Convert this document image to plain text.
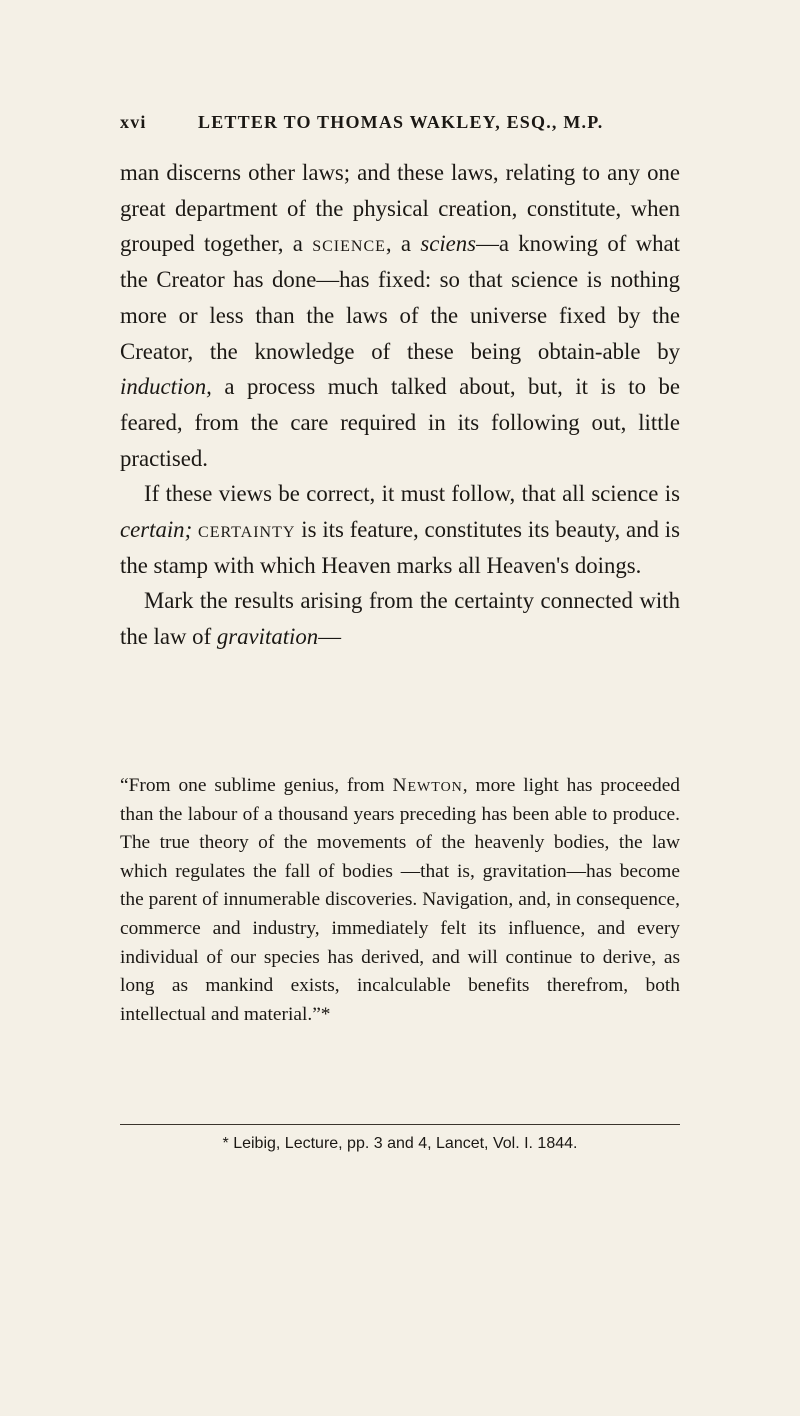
xvi	LETTER TO THOMAS WAKLEY, ESQ., M.P.

man discerns other laws; and these laws, relating to any one great department of the physical creation, constitute, when grouped together, a science, a sciens—a knowing of what the Creator has done—has fixed: so that science is nothing more or less than the laws of the universe fixed by the Creator, the knowledge of these being obtain-able by induction, a process much talked about, but, it is to be feared, from the care required in its following out, little practised.

If these views be correct, it must follow, that all science is certain; certainty is its feature, constitutes its beauty, and is the stamp with which Heaven marks all Heaven's doings.

Mark the results arising from the certainty connected with the law of gravitation—

“From one sublime genius, from Newton, more light has proceeded than the labour of a thousand years preceding has been able to produce. The true theory of the movements of the heavenly bodies, the law which regulates the fall of bodies —that is, gravitation—has become the parent of innumerable discoveries. Navigation, and, in consequence, commerce and industry, immediately felt its influence, and every individual of our species has derived, and will continue to derive, as long as mankind exists, incalculable benefits therefrom, both intellectual and material.”*

* Leibig, Lecture, pp. 3 and 4, Lancet, Vol. I. 1844.
